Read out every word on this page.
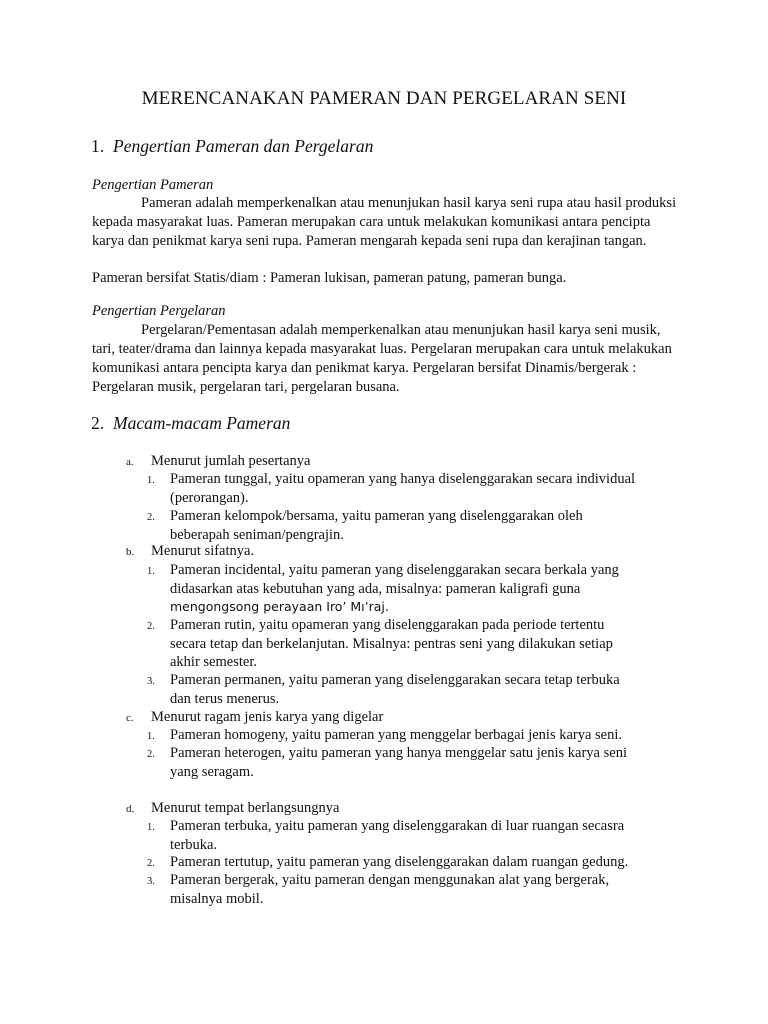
MERENCANAKAN PAMERAN DAN PERGELARAN SENI
1. Pengertian Pameran dan Pergelaran

Pengertian Pameran

Pameran adalah memperkenalkan atau menunjukan hasil karya seni rupa atau hasil produksi kepada masyarakat luas. Pameran merupakan cara untuk melakukan komunikasi antara pencipta karya dan penikmat karya seni rupa. Pameran mengarah kepada seni rupa dan kerajinan tangan.

Pameran bersifat Statis/diam : Pameran lukisan, pameran patung, pameran bunga.

Pengertian Pergelaran

Pergelaran/Pementasan adalah memperkenalkan atau menunjukan hasil karya seni musik, tari, teater/drama dan lainnya kepada masyarakat luas. Pergelaran merupakan cara untuk melakukan komunikasi antara pencipta karya dan penikmat karya. Pergelaran bersifat Dinamis/bergerak : Pergelaran musik, pergelaran tari, pergelaran busana.

2. Macam-macam Pameran
a. Menurut jumlah pesertanya
1. Pameran tunggal, yaitu opameran yang hanya diselenggarakan secara individual
(perorangan).
2. Pameran kelompok/bersama, yaitu pameran yang diselenggarakan oleh
beberapah seniman/pengrajin.
b. Menurut sifatnya.
1. Pameran incidental, yaitu pameran yang diselenggarakan secara berkala yang
didasarkan atas kebutuhan yang ada, misalnya: pameran kaligrafi guna
mengongsong perayaan Iro’ Mı’raj.
2. Pameran rutin, yaitu opameran yang diselenggarakan pada periode tertentu
secara tetap dan berkelanjutan. Misalnya: pentras seni yang dilakukan setiap
akhir semester.
3. Pameran permanen, yaitu pameran yang diselenggarakan secara tetap terbuka
dan terus menerus.
c. Menurut ragam jenis karya yang digelar
1. Pameran homogeny, yaitu pameran yang menggelar berbagai jenis karya seni.
2. Pameran heterogen, yaitu pameran yang hanya menggelar satu jenis karya seni
yang seragam.
d. Menurut tempat berlangsungnya
1. Pameran terbuka, yaitu pameran yang diselenggarakan di luar ruangan secasra
terbuka.
2. Pameran tertutup, yaitu pameran yang diselenggarakan dalam ruangan gedung.
3. Pameran bergerak, yaitu pameran dengan menggunakan alat yang bergerak,
misalnya mobil.
